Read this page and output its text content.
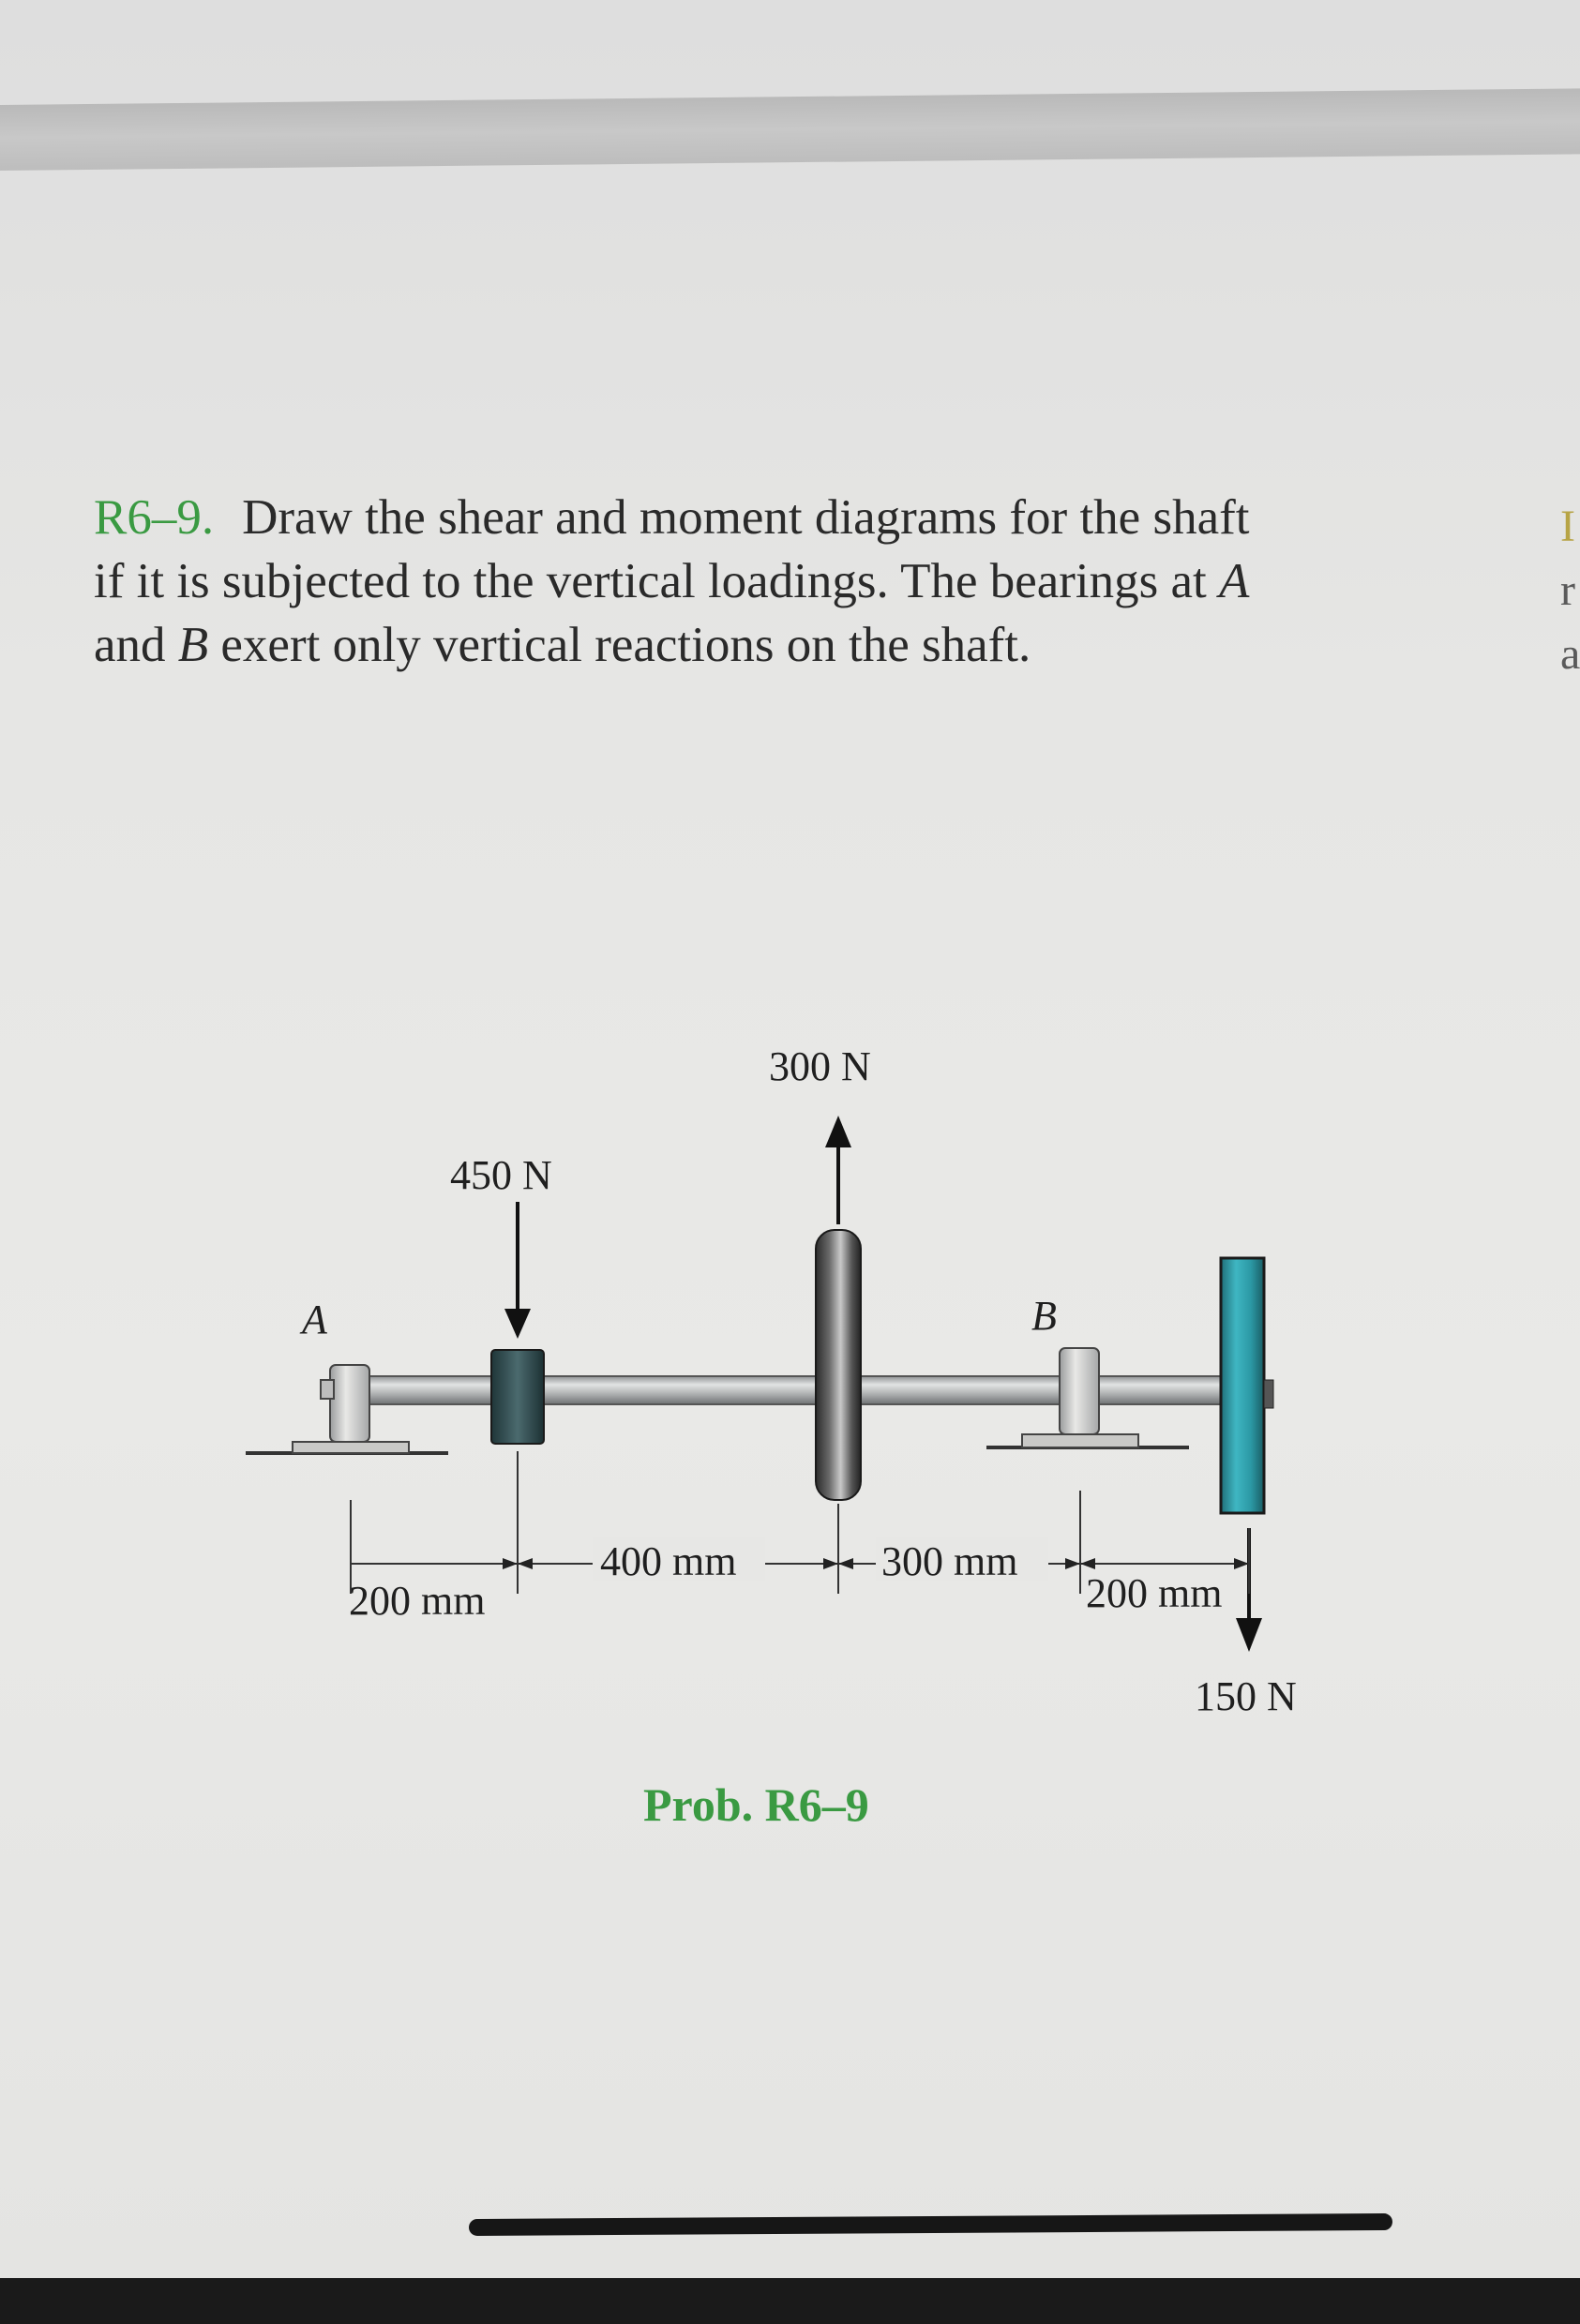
R6–9. Draw the shear and moment diagrams for the shaft
if it is subjected to the vertical loadings. The bearings at A
and B exert only vertical reactions on the shaft.
I
r
a
A	B
450 N
300 N
150 N
200 mm
400 mm	300 mm
200 mm
Prob. R6–9
